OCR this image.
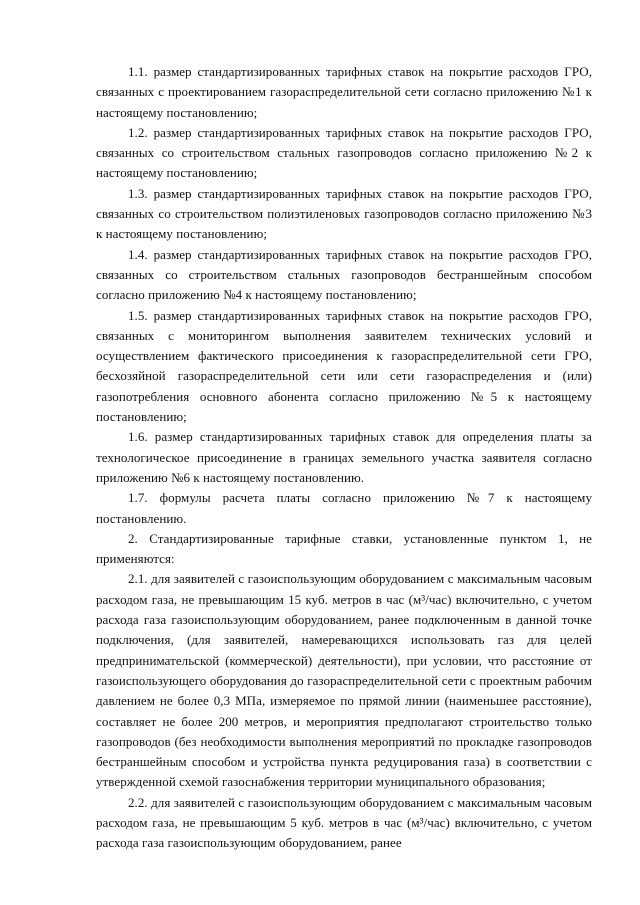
1.1. размер стандартизированных тарифных ставок на покрытие расходов ГРО, связанных с проектированием газораспределительной сети согласно приложению №1 к настоящему постановлению;

1.2. размер стандартизированных тарифных ставок на покрытие расходов ГРО, связанных со строительством стальных газопроводов согласно приложению №2 к настоящему постановлению;

1.3. размер стандартизированных тарифных ставок на покрытие расходов ГРО, связанных со строительством полиэтиленовых газопроводов согласно приложению №3 к настоящему постановлению;

1.4. размер стандартизированных тарифных ставок на покрытие расходов ГРО, связанных со строительством стальных газопроводов бестраншейным способом согласно приложению №4 к настоящему постановлению;

1.5. размер стандартизированных тарифных ставок на покрытие расходов ГРО, связанных с мониторингом выполнения заявителем технических условий и осуществлением фактического присоединения к газораспределительной сети ГРО, бесхозяйной газораспределительной сети или сети газораспределения и (или) газопотребления основного абонента согласно приложению №5 к настоящему постановлению;

1.6. размер стандартизированных тарифных ставок для определения платы за технологическое присоединение в границах земельного участка заявителя согласно приложению №6 к настоящему постановлению.

1.7. формулы расчета платы согласно приложению №7 к настоящему постановлению.

2. Стандартизированные тарифные ставки, установленные пунктом 1, не применяются:

2.1. для заявителей с газоиспользующим оборудованием с максимальным часовым расходом газа, не превышающим 15 куб. метров в час (м³/час) включительно, с учетом расхода газа газоиспользующим оборудованием, ранее подключенным в данной точке подключения, (для заявителей, намеревающихся использовать газ для целей предпринимательской (коммерческой) деятельности), при условии, что расстояние от газоиспользующего оборудования до газораспределительной сети с проектным рабочим давлением не более 0,3 МПа, измеряемое по прямой линии (наименьшее расстояние), составляет не более 200 метров, и мероприятия предполагают строительство только газопроводов (без необходимости выполнения мероприятий по прокладке газопроводов бестраншейным способом и устройства пункта редуцирования газа) в соответствии с утвержденной схемой газоснабжения территории муниципального образования;

2.2. для заявителей с газоиспользующим оборудованием с максимальным часовым расходом газа, не превышающим 5 куб. метров в час (м³/час) включительно, с учетом расхода газа газоиспользующим оборудованием, ранее
